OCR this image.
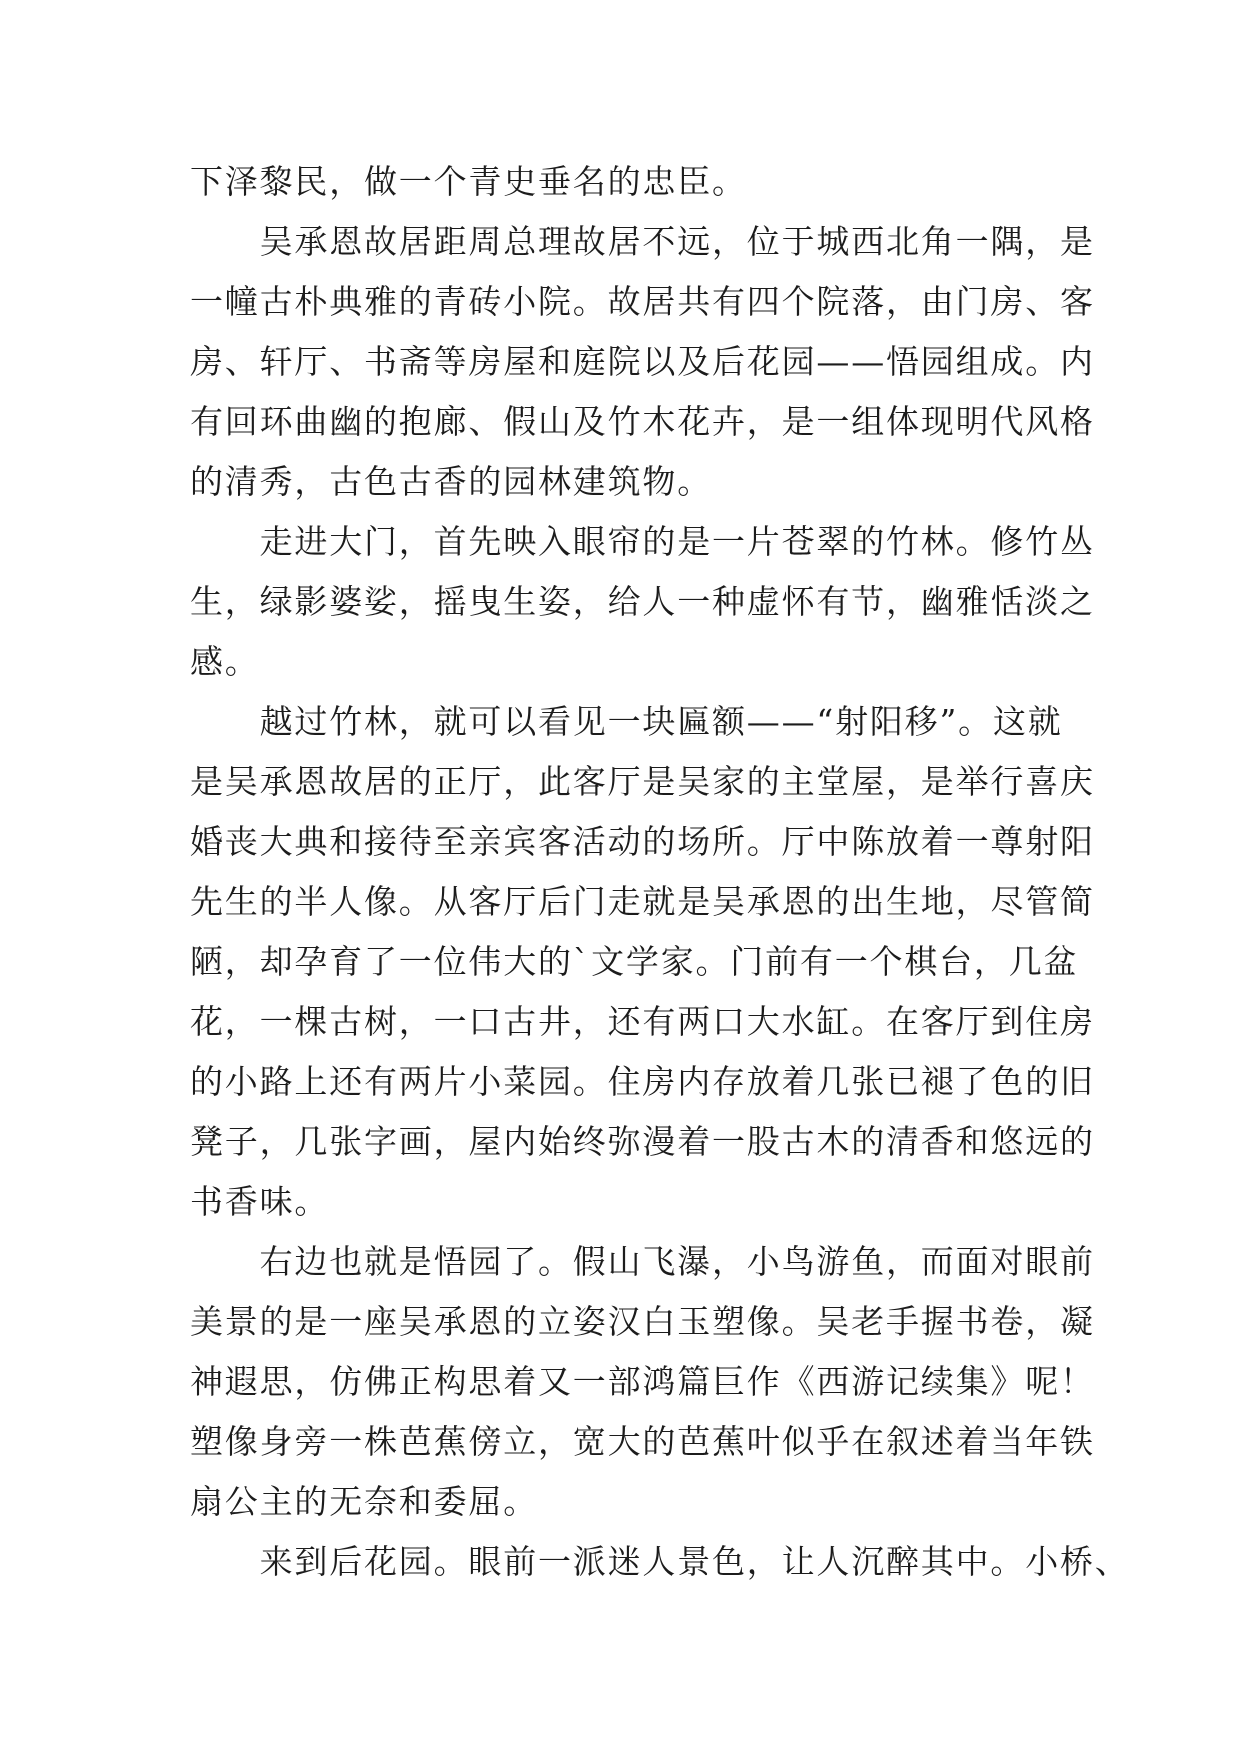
下泽黎民，做一个青史垂名的忠臣。
　　吴承恩故居距周总理故居不远，位于城西北角一隅，是
一幢古朴典雅的青砖小院。故居共有四个院落，由门房、客
房、轩厅、书斋等房屋和庭院以及后花园——悟园组成。内
有回环曲幽的抱廊、假山及竹木花卉，是一组体现明代风格
的清秀，古色古香的园林建筑物。
　　走进大门，首先映入眼帘的是一片苍翠的竹林。修竹丛
生，绿影婆娑，摇曳生姿，给人一种虚怀有节，幽雅恬淡之
感。
　　越过竹林，就可以看见一块匾额——“射阳移”。这就
是吴承恩故居的正厅，此客厅是吴家的主堂屋，是举行喜庆
婚丧大典和接待至亲宾客活动的场所。厅中陈放着一尊射阳
先生的半人像。从客厅后门走就是吴承恩的出生地，尽管简
陋，却孕育了一位伟大的`文学家。门前有一个棋台，几盆
花，一棵古树，一口古井，还有两口大水缸。在客厅到住房
的小路上还有两片小菜园。住房内存放着几张已褪了色的旧
凳子，几张字画，屋内始终弥漫着一股古木的清香和悠远的
书香味。
　　右边也就是悟园了。假山飞瀑，小鸟游鱼，而面对眼前
美景的是一座吴承恩的立姿汉白玉塑像。吴老手握书卷，凝
神遐思，仿佛正构思着又一部鸿篇巨作《西游记续集》呢！
塑像身旁一株芭蕉傍立，宽大的芭蕉叶似乎在叙述着当年铁
扇公主的无奈和委屈。
　　来到后花园。眼前一派迷人景色，让人沉醉其中。小桥、
